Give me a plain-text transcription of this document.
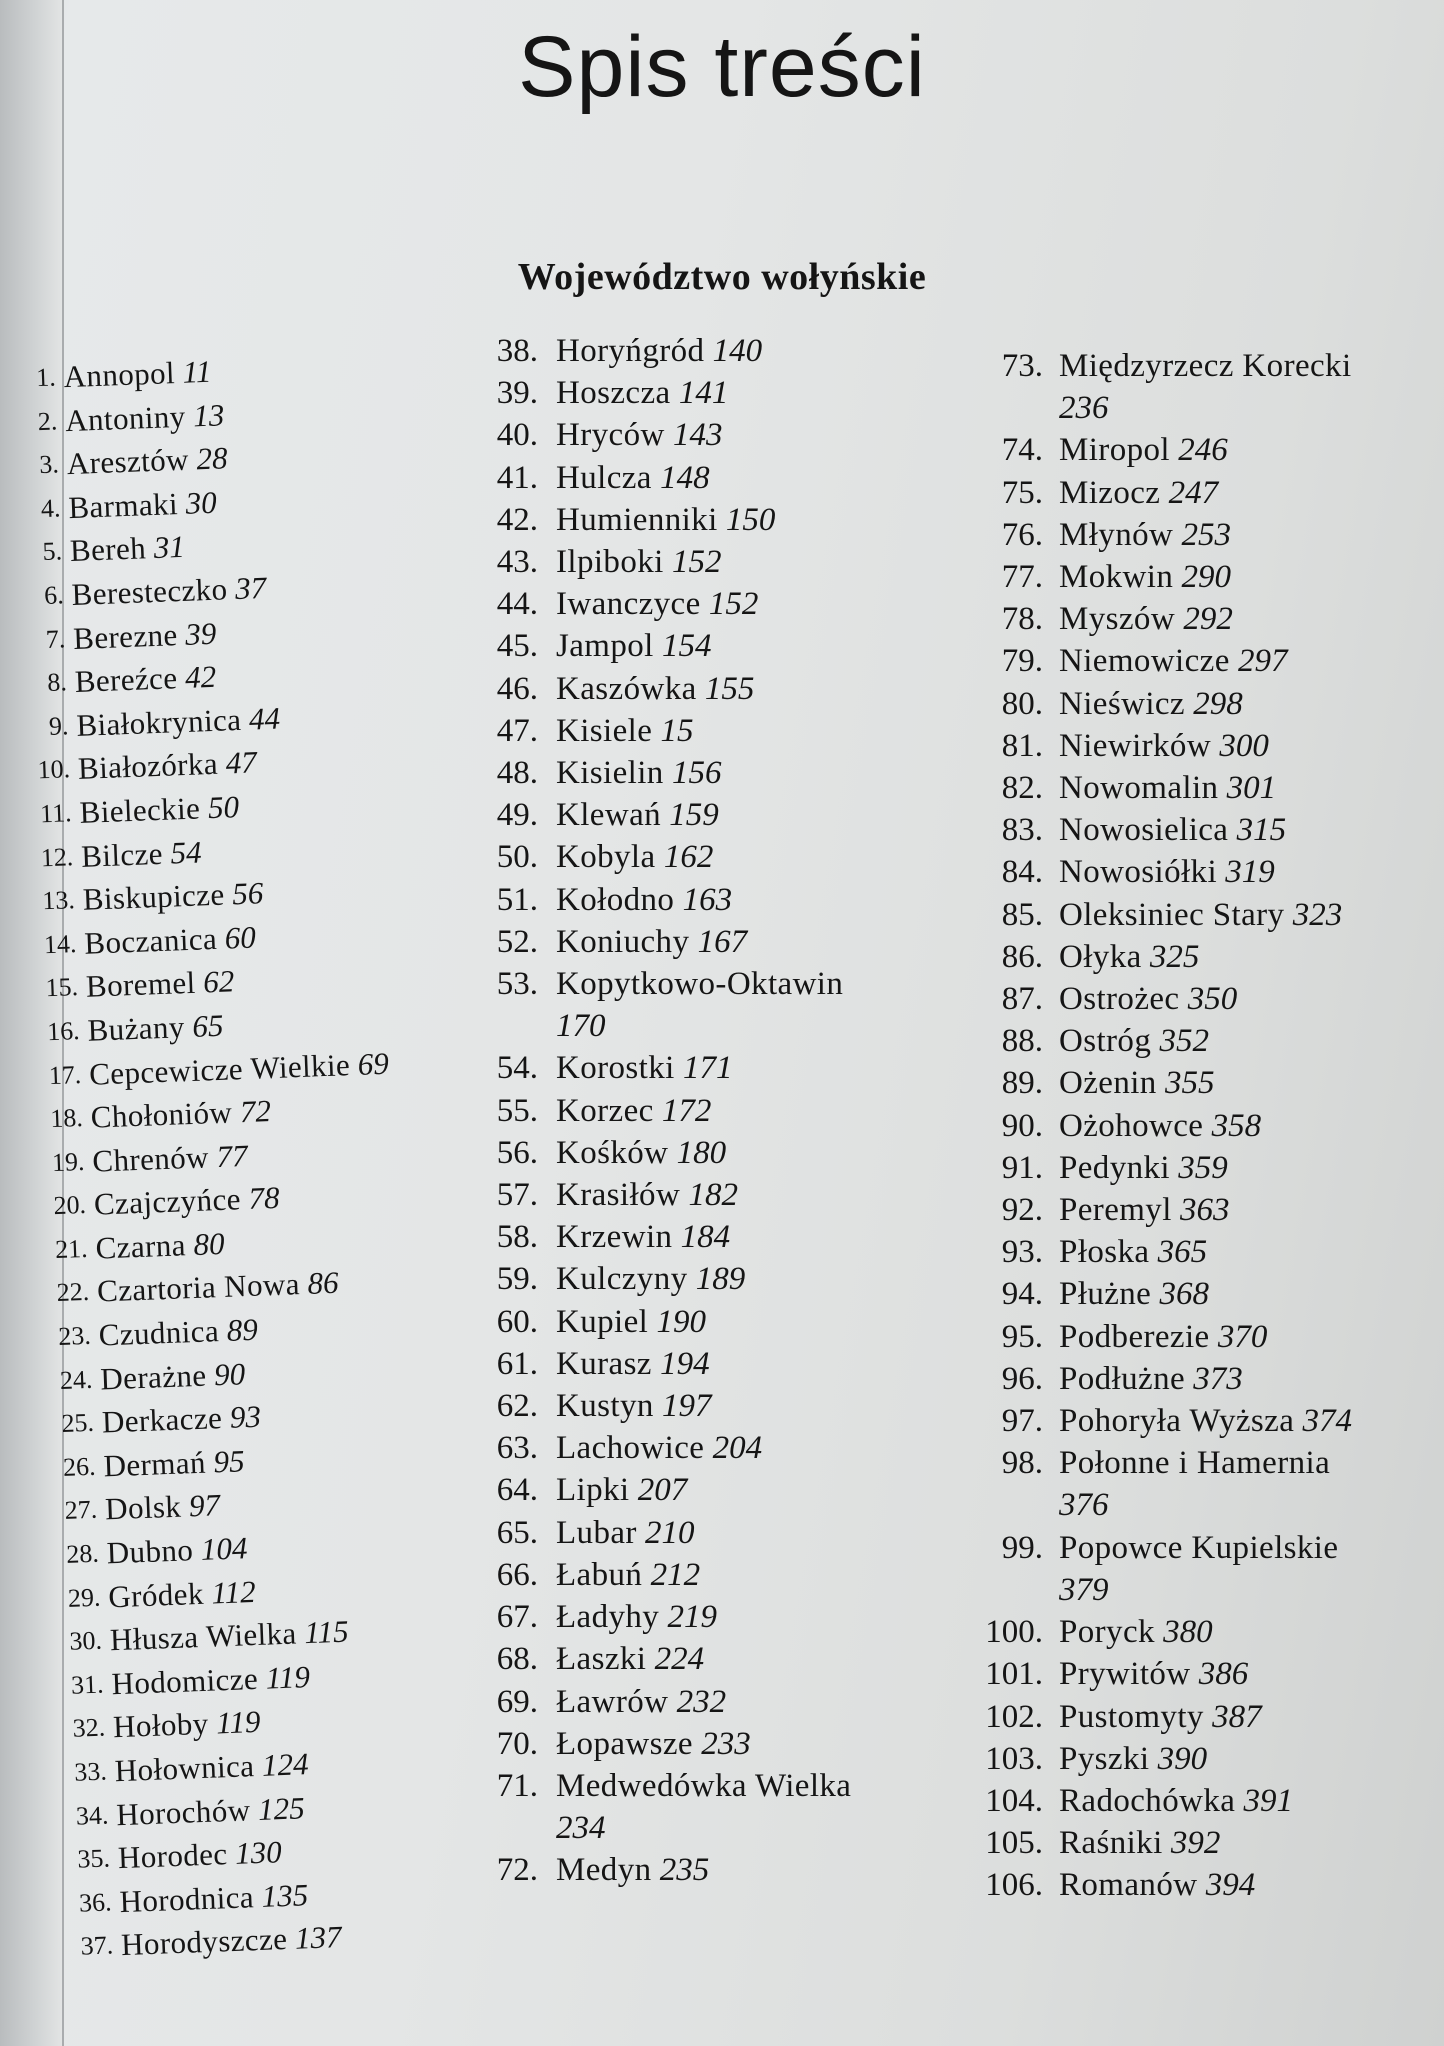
Spis treści
Województwo wołyńskie
1. Annopol 11
2. Antoniny 13
3. Aresztów 28
4. Barmaki 30
5. Bereh 31
6. Beresteczko 37
7. Berezne 39
8. Bereźce 42
9. Białokrynica 44
10. Białozórka 47
11. Bieleckie 50
12. Bilcze 54
13. Biskupicze 56
14. Boczanica 60
15. Boremel 62
16. Bużany 65
17. Cepcewicze Wielkie 69
18. Chołoniów 72
19. Chrenów 77
20. Czajczyńce 78
21. Czarna 80
22. Czartoria Nowa 86
23. Czudnica 89
24. Derażne 90
25. Derkacze 93
26. Dermań 95
27. Dolsk 97
28. Dubno 104
29. Gródek 112
30. Hłusza Wielka 115
31. Hodomicze 119
32. Hołoby 119
33. Hołownica 124
34. Horochów 125
35. Horodec 130
36. Horodnica 135
37. Horodyszcze 137
38. Horyńgród 140
39. Hoszcza 141
40. Hryców 143
41. Hulcza 148
42. Humienniki 150
43. Ilpiboki 152
44. Iwanczyce 152
45. Jampol 154
46. Kaszówka 155
47. Kisiele 15
48. Kisielin 156
49. Klewań 159
50. Kobyla 162
51. Kołodno 163
52. Koniuchy 167
53. Kopytkowo-Oktawin
170
54. Korostki 171
55. Korzec 172
56. Kośków 180
57. Krasiłów 182
58. Krzewin 184
59. Kulczyny 189
60. Kupiel 190
61. Kurasz 194
62. Kustyn 197
63. Lachowice 204
64. Lipki 207
65. Lubar 210
66. Łabuń 212
67. Ładyhy 219
68. Łaszki 224
69. Ławrów 232
70. Łopawsze 233
71. Medwedówka Wielka
234
72. Medyn 235
73. Międzyrzecz Korecki
236
74. Miropol 246
75. Mizocz 247
76. Młynów 253
77. Mokwin 290
78. Myszów 292
79. Niemowicze 297
80. Nieświcz 298
81. Niewirków 300
82. Nowomalin 301
83. Nowosielica 315
84. Nowosiółki 319
85. Oleksiniec Stary 323
86. Ołyka 325
87. Ostrożec 350
88. Ostróg 352
89. Ożenin 355
90. Ożohowce 358
91. Pedynki 359
92. Peremyl 363
93. Płoska 365
94. Płużne 368
95. Podberezie 370
96. Podłużne 373
97. Pohoryła Wyższa 374
98. Połonne i Hamernia
376
99. Popowce Kupielskie
379
100. Poryck 380
101. Prywitów 386
102. Pustomyty 387
103. Pyszki 390
104. Radochówka 391
105. Raśniki 392
106. Romanów 394
